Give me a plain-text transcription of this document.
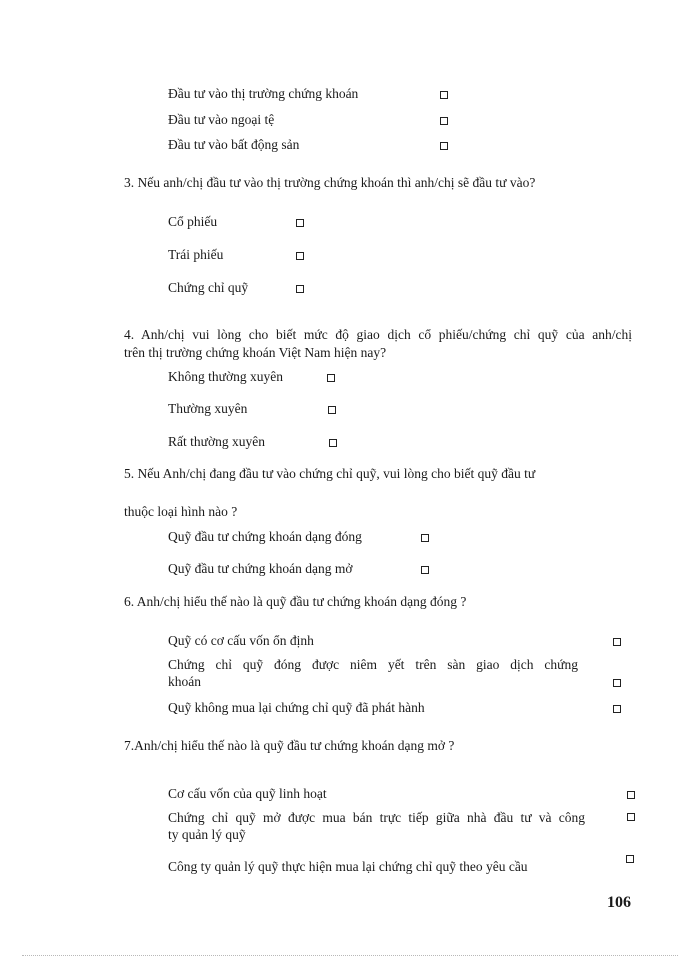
Đầu tư vào thị trường chứng khoán
Đầu tư vào ngoại tệ
Đầu tư vào bất động sản
3. Nếu anh/chị đầu tư vào thị trường chứng khoán thì anh/chị sẽ đầu tư vào?
Cổ phiếu
Trái phiếu
Chứng chỉ quỹ
4. Anh/chị vui lòng cho biết mức độ giao dịch cổ phiếu/chứng chỉ quỹ của anh/chị
trên thị trường chứng khoán Việt Nam hiện nay?
Không thường xuyên
Thường xuyên
Rất thường xuyên
5. Nếu Anh/chị đang đầu tư vào chứng chỉ quỹ, vui lòng cho biết quỹ đầu tư
thuộc loại hình nào ?
Quỹ đầu tư chứng khoán dạng đóng
Quỹ đầu tư chứng khoán dạng mở
6. Anh/chị hiểu thế nào là quỹ đầu tư chứng khoán dạng đóng ?
Quỹ có cơ cấu vốn ổn định
Chứng chỉ quỹ đóng được niêm yết trên sàn giao dịch chứng
khoán
Quỹ không mua lại chứng chỉ quỹ đã phát hành
7.Anh/chị hiểu thế nào là quỹ đầu tư chứng khoán dạng mở ?
Cơ cấu vốn của quỹ linh hoạt
Chứng chỉ quỹ mở được mua bán trực tiếp giữa nhà đầu tư và công
ty quản lý quỹ
Công ty quản lý quỹ thực hiện mua lại chứng chỉ quỹ theo yêu cầu
106
